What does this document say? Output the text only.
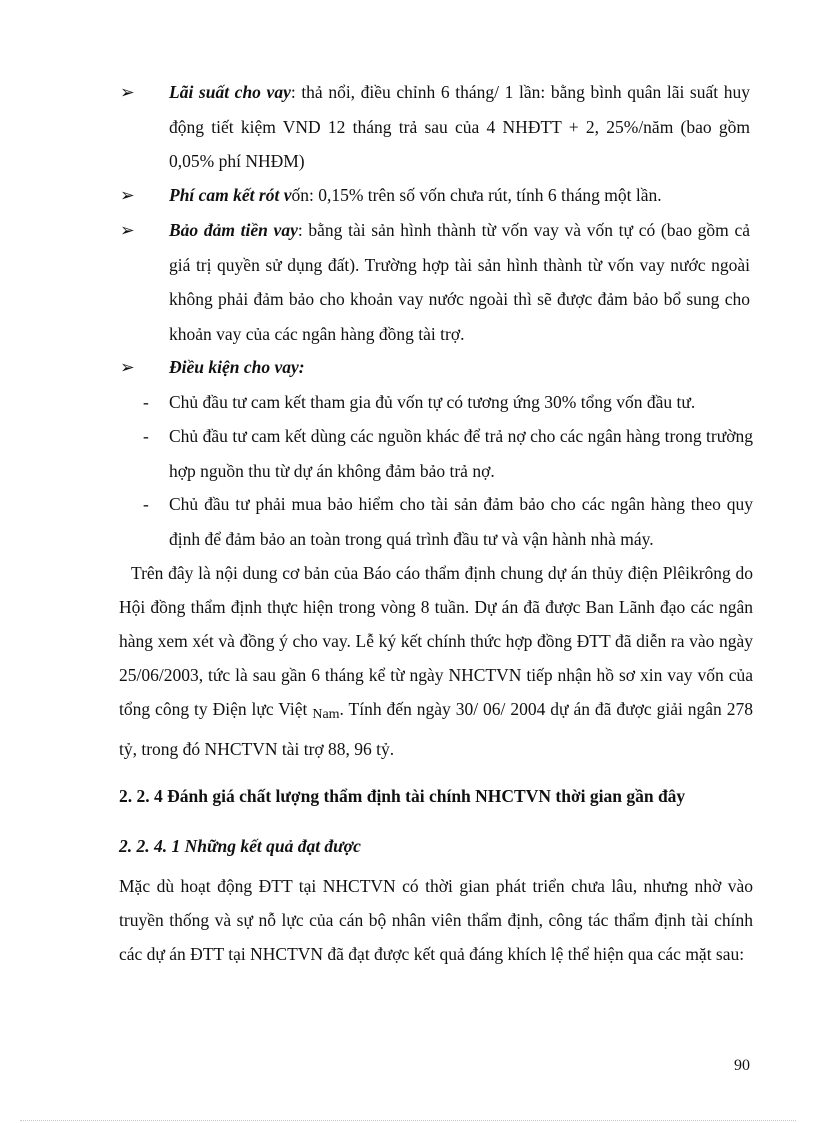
➢	Lãi suất cho vay: thả nổi, điều chỉnh 6 tháng/ 1 lần: bằng bình quân lãi suất huy động tiết kiệm VND 12 tháng trả sau của 4 NHĐTT + 2, 25%/năm (bao gồm 0,05% phí NHĐM)
➢	Phí cam kết rót vốn: 0,15% trên số vốn chưa rút, tính 6 tháng một lần.
➢	Bảo đảm tiền vay: bằng tài sản hình thành từ vốn vay và vốn tự có (bao gồm cả giá trị quyền sử dụng đất). Trường hợp tài sản hình thành từ vốn vay nước ngoài không phải đảm bảo cho khoản vay nước ngoài thì sẽ được đảm bảo bổ sung cho khoản vay của các ngân hàng đồng tài trợ.
➢	Điều kiện cho vay:
- Chủ đầu tư cam kết tham gia đủ vốn tự có tương ứng 30% tổng vốn đầu tư.
- Chủ đầu tư cam kết dùng các nguồn khác để trả nợ cho các ngân hàng trong trường hợp nguồn thu từ dự án không đảm bảo trả nợ.
- Chủ đầu tư phải mua bảo hiểm cho tài sản đảm bảo cho các ngân hàng theo quy định để đảm bảo an toàn trong quá trình đầu tư và vận hành nhà máy.
Trên đây là nội dung cơ bản của Báo cáo thẩm định chung dự án thủy điện Plêikrông do Hội đồng thẩm định thực hiện trong vòng 8 tuần. Dự án đã được Ban Lãnh đạo các ngân hàng xem xét và đồng ý cho vay. Lễ ký kết chính thức hợp đồng ĐTT đã diễn ra vào ngày 25/06/2003, tức là sau gần 6 tháng kể từ ngày NHCTVN tiếp nhận hồ sơ xin vay vốn của tổng công ty Điện lực Việt $_{Nam}$. Tính đến ngày 30/ 06/ 2004 dự án đã được giải ngân 278 tỷ, trong đó NHCTVN tài trợ 88, 96 tỷ.
2. 2. 4 Đánh giá chất lượng thẩm định tài chính NHCTVN thời gian gần đây
2. 2. 4. 1 Những kết quả đạt được
Mặc dù hoạt động ĐTT tại NHCTVN có thời gian phát triển chưa lâu, nhưng nhờ vào truyền thống và sự nỗ lực của cán bộ nhân viên thẩm định, công tác thẩm định tài chính các dự án ĐTT tại NHCTVN đã đạt được kết quả đáng khích lệ thể hiện qua các mặt sau:
90
